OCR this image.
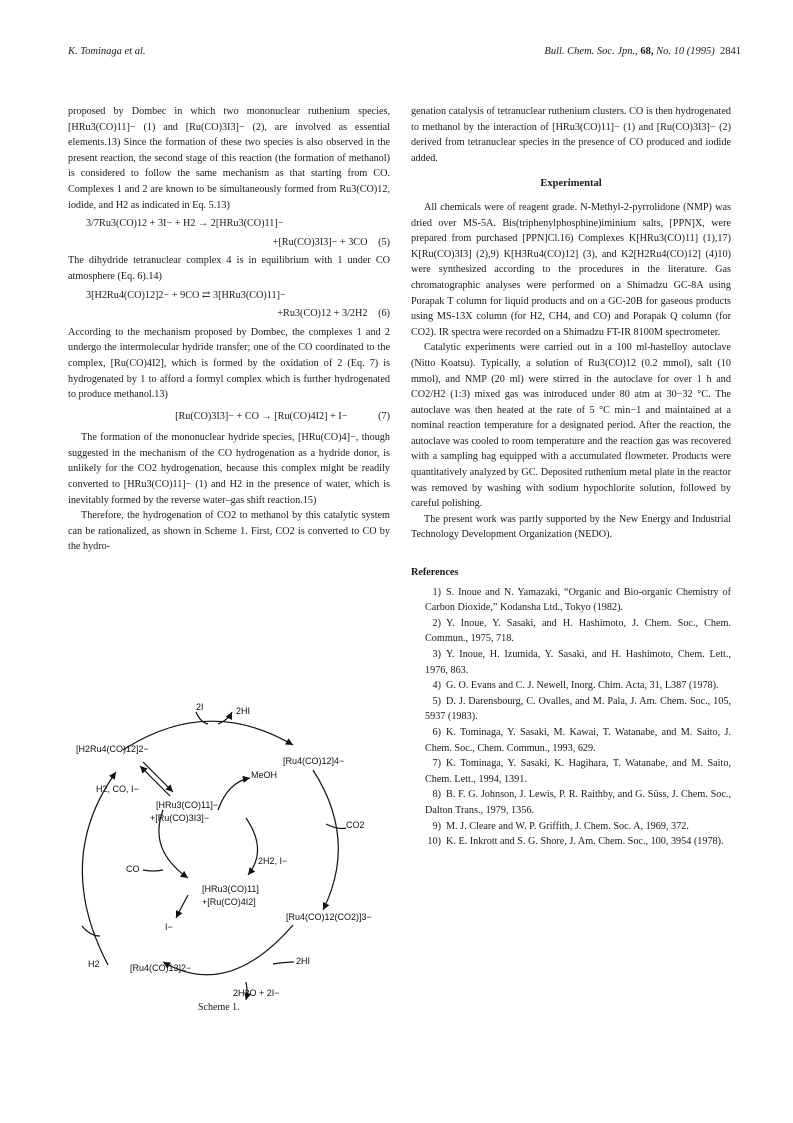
K. Tominaga et al.	Bull. Chem. Soc. Jpn., 68, No. 10 (1995) 2841

proposed by Dombec in which two mononuclear ruthenium species, [HRu3(CO)11]− (1) and [Ru(CO)3I3]− (2), are involved as essential elements.13) Since the formation of these two species is also observed in the present reaction, the second stage of this reaction (the formation of methanol) is considered to follow the same mechanism as that starting from CO. Complexes 1 and 2 are known to be simultaneously formed from Ru3(CO)12, iodide, and H2 as indicated in Eq. 5.13)

3/7Ru3(CO)12 + 3I− + H2 → 2[HRu3(CO)11]−
+[Ru(CO)3I3]− + 3CO (5)

The dihydride tetranuclear complex 4 is in equilibrium with 1 under CO atmosphere (Eq. 6).14)

3[H2Ru4(CO)12]2− + 9CO ⇄ 3[HRu3(CO)11]−
+Ru3(CO)12 + 3/2H2 (6)

According to the mechanism proposed by Dombec, the complexes 1 and 2 undergo the intermolecular hydride transfer; one of the CO coordinated to the complex, [Ru(CO)4I2], which is formed by the oxidation of 2 (Eq. 7) is hydrogenated by 1 to afford a formyl complex which is further hydrogenated to produce methanol.13)

[Ru(CO)3I3]− + CO → [Ru(CO)4I2] + I−	(7)

The formation of the mononuclear hydride species, [HRu(CO)4]−, though suggested in the mechanism of the CO hydrogenation as a hydride donor, is unlikely for the CO2 hydrogenation, because this complex might be readily converted to [HRu3(CO)11]− (1) and H2 in the presence of water, which is inevitably formed by the reverse water–gas shift reaction.15)

Therefore, the hydrogenation of CO2 to methanol by this catalytic system can be rationalized, as shown in Scheme 1. First, CO2 is converted to CO by the hydro-

genation catalysis of tetranuclear ruthenium clusters. CO is then hydrogenated to methanol by the interaction of [HRu3(CO)11]− (1) and [Ru(CO)3I3]− (2) derived from tetranuclear species in the presence of CO produced and iodide added.

Experimental

All chemicals were of reagent grade. N-Methyl-2-pyrrolidone (NMP) was dried over MS-5A. Bis(triphenylphosphine)iminium salts, [PPN]X, were prepared from purchased [PPN]Cl.16) Complexes K[HRu3(CO)11] (1),17) K[Ru(CO)3I3] (2),9) K[H3Ru4(CO)12] (3), and K2[H2Ru4(CO)12] (4)10) were synthesized according to the procedures in the literature. Gas chromatographic analyses were performed on a Shimadzu GC-8A using Porapak T column for liquid products and on a GC-20B for gaseous products using MS-13X column (for H2, CH4, and CO) and Porapak Q column (for CO2). IR spectra were recorded on a Shimadzu FT-IR 8100M spectrometer.

Catalytic experiments were carried out in a 100 ml-hastelloy autoclave (Nitto Koatsu). Typically, a solution of Ru3(CO)12 (0.2 mmol), salt (10 mmol), and NMP (20 ml) were stirred in the autoclave for over 1 h and CO2/H2 (1:3) mixed gas was introduced under 80 atm at 30−32 °C. The autoclave was then heated at the rate of 5 °C min−1 and maintained at a nominal reaction temperature for a designated period. After the reaction, the autoclave was cooled to room temperature and the reaction gas was recovered with a sampling bag equipped with a accumulated flowmeter. Products were quantitatively analyzed by GC. Deposited ruthenium metal plate in the reactor was removed by washing with sodium hypochlorite solution, followed by careful polishing.

The present work was partly supported by the New Energy and Industrial Technology Development Organization (NEDO).

References

1) S. Inoue and N. Yamazaki, “Organic and Bio-organic Chemistry of Carbon Dioxide,” Kodansha Ltd., Tokyo (1982).

2) Y. Inoue, Y. Sasaki, and H. Hashimoto, J. Chem. Soc., Chem. Commun., 1975, 718.

3) Y. Inoue, H. Izumida, Y. Sasaki, and H. Hashimoto, Chem. Lett., 1976, 863.

4) G. O. Evans and C. J. Newell, Inorg. Chim. Acta, 31, L387 (1978).

5) D. J. Darensbourg, C. Ovalles, and M. Pala, J. Am. Chem. Soc., 105, 5937 (1983).

6) K. Tominaga, Y. Sasaki, M. Kawai, T. Watanabe, and M. Saito, J. Chem. Soc., Chem. Commun., 1993, 629.

7) K. Tominaga, Y. Sasaki, K. Hagihara, T. Watanabe, and M. Saito, Chem. Lett., 1994, 1391.

8) B. F. G. Johnson, J. Lewis, P. R. Raithby, and G. Süss, J. Chem. Soc., Dalton Trans., 1979, 1356.

9) M. J. Cleare and W. P. Griffith, J. Chem. Soc. A, 1969, 372.

10) K. E. Inkrott and S. G. Shore, J. Am. Chem. Soc., 100, 3954 (1978).

2I	2HI
[H2Ru4(CO)12]2−
[Ru4(CO)12]4−
H2, CO, I−
[HRu3(CO)11]−
+[Ru(CO)3I3]−
MeOH
CO2
CO
2H2, I−
[HRu3(CO)11]
+[Ru(CO)4I2]
[Ru4(CO)12(CO2)]3−
I−
H2	[Ru4(CO)13]2−
2HI
2H2O + 2I−
Scheme 1.
